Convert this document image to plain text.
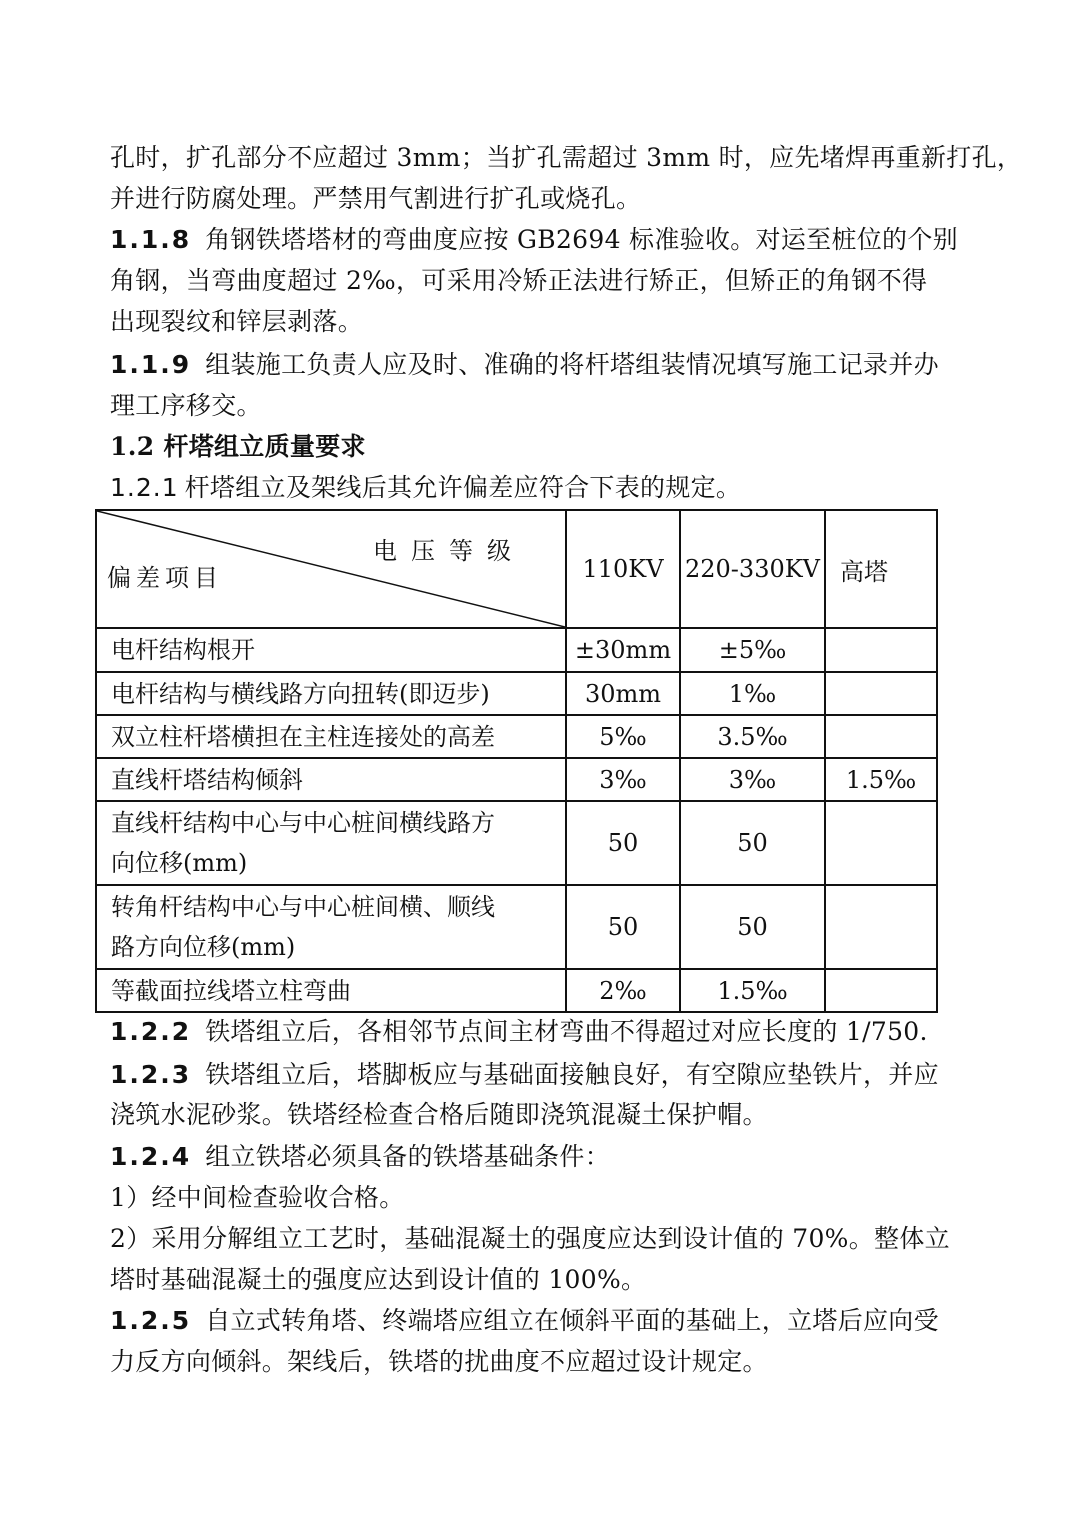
孔时，扩孔部分不应超过 3mm；当扩孔需超过 3mm 时，应先堵焊再重新打孔，
并进行防腐处理。严禁用气割进行扩孔或烧孔。
1.1.8 角钢铁塔塔材的弯曲度应按 GB2694 标准验收。对运至桩位的个别
角钢，当弯曲度超过 2‰，可采用冷矫正法进行矫正，但矫正的角钢不得
出现裂纹和锌层剥落。
1.1.9 组装施工负责人应及时、准确的将杆塔组装情况填写施工记录并办
理工序移交。
1.2 杆塔组立质量要求
1.2.1 杆塔组立及架线后其允许偏差应符合下表的规定。
电压等级
偏差项目	110KV	220-330KV	高塔
电杆结构根开	±30mm	±5‰	
电杆结构与横线路方向扭转(即迈步)	30mm	1‰	
双立柱杆塔横担在主柱连接处的高差	5‰	3.5‰	
直线杆塔结构倾斜	3‰	3‰	1.5‰

直线杆结构中心与中心桩间横线路方
向位移(mm)	50	50	

转角杆结构中心与中心桩间横、顺线
路方向位移(mm)	50	50	
等截面拉线塔立柱弯曲	2‰	1.5‰	
1.2.2 铁塔组立后，各相邻节点间主材弯曲不得超过对应长度的 1/750.
1.2.3 铁塔组立后，塔脚板应与基础面接触良好，有空隙应垫铁片，并应
浇筑水泥砂浆。铁塔经检查合格后随即浇筑混凝土保护帽。
1.2.4 组立铁塔必须具备的铁塔基础条件：
1）经中间检查验收合格。
2）采用分解组立工艺时，基础混凝土的强度应达到设计值的 70%。整体立
塔时基础混凝土的强度应达到设计值的 100%。
1.2.5 自立式转角塔、终端塔应组立在倾斜平面的基础上，立塔后应向受
力反方向倾斜。架线后，铁塔的扰曲度不应超过设计规定。
